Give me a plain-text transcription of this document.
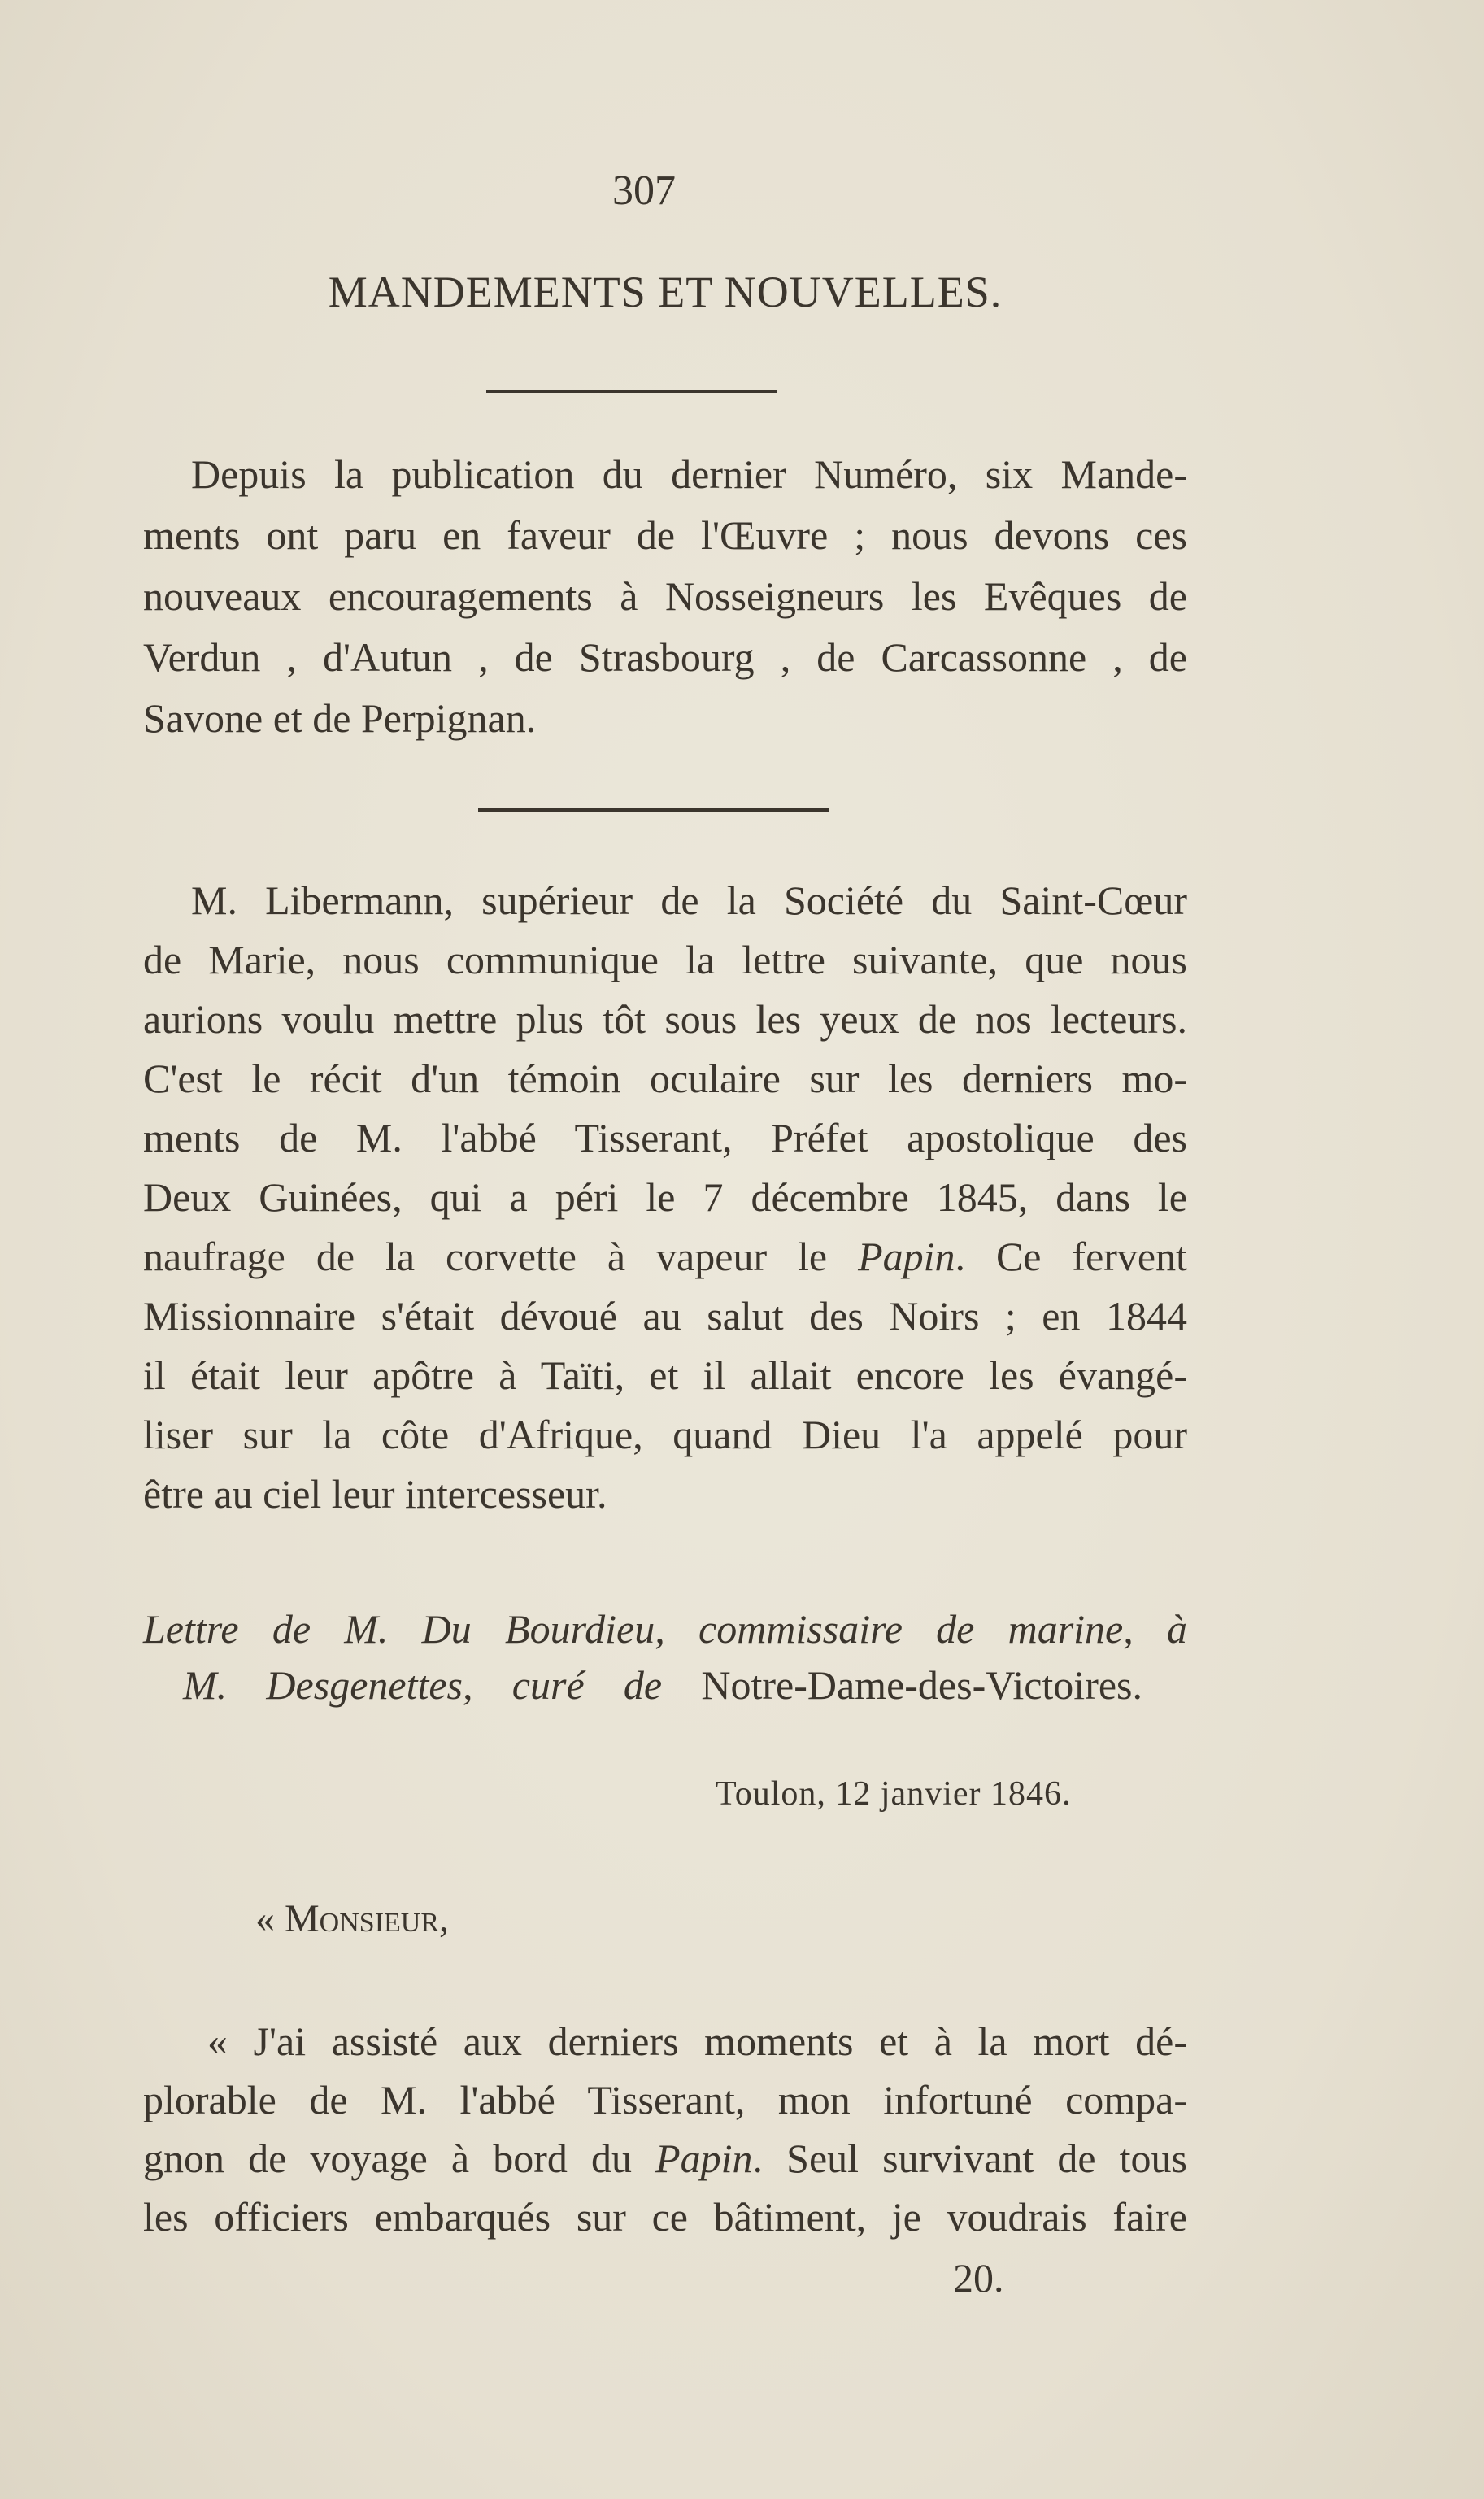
307
MANDEMENTS ET NOUVELLES.
Depuis la publication du dernier Numéro, six Mande-
ments ont paru en faveur de l'Œuvre ; nous devons ces
nouveaux encouragements à Nosseigneurs les Evêques de
Verdun , d'Autun , de Strasbourg , de Carcassonne , de
Savone et de Perpignan.
M. Libermann, supérieur de la Société du Saint-Cœur
de Marie, nous communique la lettre suivante, que nous
aurions voulu mettre plus tôt sous les yeux de nos lecteurs.
C'est le récit d'un témoin oculaire sur les derniers mo-
ments de M. l'abbé Tisserant, Préfet apostolique des
Deux Guinées, qui a péri le 7 décembre 1845, dans le
naufrage de la corvette à vapeur le Papin. Ce fervent
Missionnaire s'était dévoué au salut des Noirs ; en 1844
il était leur apôtre à Taïti, et il allait encore les évangé-
liser sur la côte d'Afrique, quand Dieu l'a appelé pour
être au ciel leur intercesseur.
Lettre de M. Du Bourdieu, commissaire de marine, à
M. Desgenettes, curé de Notre-Dame-des-Victoires.
Toulon, 12 janvier 1846.
« Monsieur,
« J'ai assisté aux derniers moments et à la mort dé-
plorable de M. l'abbé Tisserant, mon infortuné compa-
gnon de voyage à bord du Papin. Seul survivant de tous
les officiers embarqués sur ce bâtiment, je voudrais faire
20.
